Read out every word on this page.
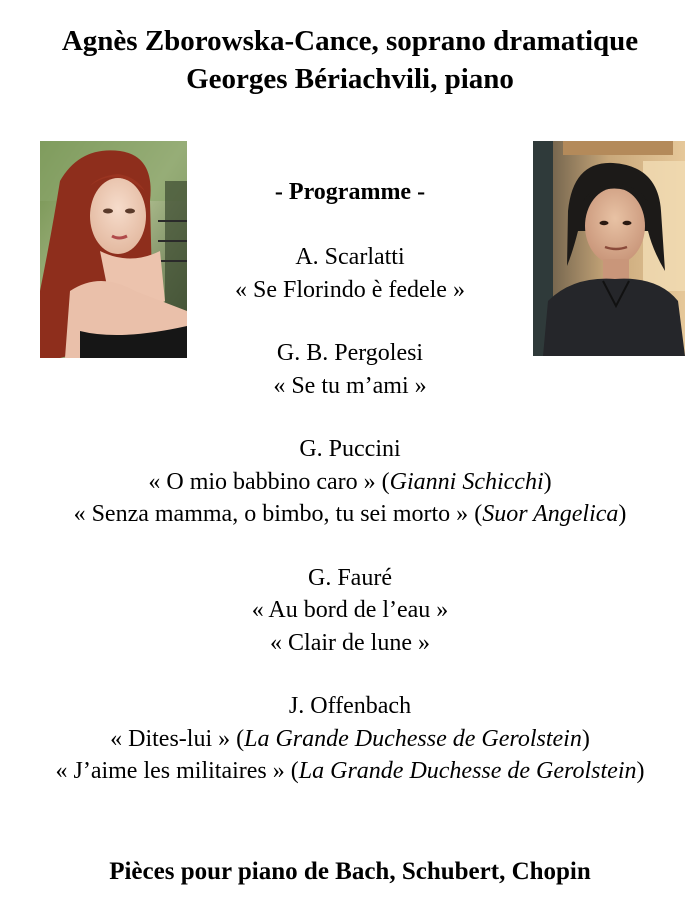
Agnès Zborowska-Cance, soprano dramatique
Georges Bériachvili, piano
- Programme -
A. Scarlatti
« Se Florindo è fedele »
G. B. Pergolesi
« Se tu m’ami »
G. Puccini
« O mio babbino caro » (Gianni Schicchi)
« Senza mamma, o bimbo, tu sei morto » (Suor Angelica)
G. Fauré
« Au bord de l’eau »
« Clair de lune »
J. Offenbach
« Dites-lui » (La Grande Duchesse de Gerolstein)
« J’aime les militaires » (La Grande Duchesse de Gerolstein)
Pièces pour piano de Bach, Schubert, Chopin
